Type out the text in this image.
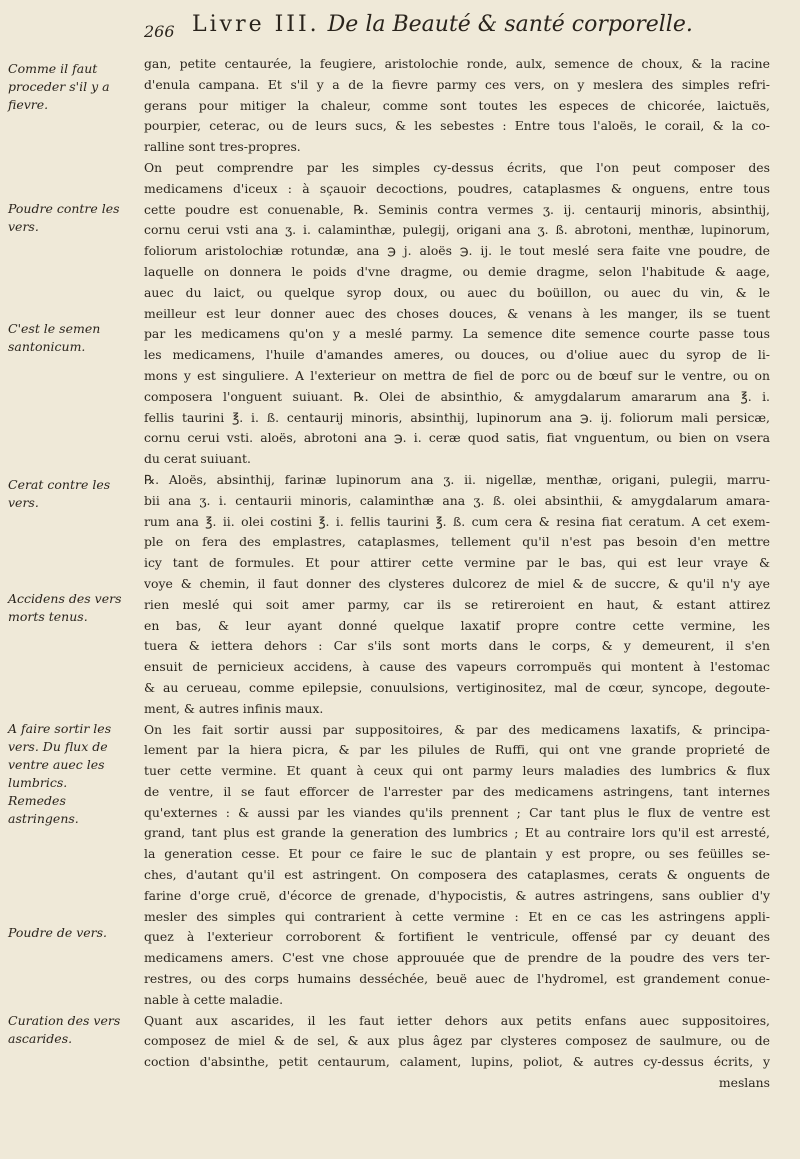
266 Livre III. De la Beauté & santé corporelle.
Comme il faut proceder s'il y a fievre.
Poudre contre les vers.
C'est le semen santonicum.
Cerat contre les vers.
Accidens des vers morts tenus.
A faire sortir les vers. Du flux de ventre auec les lumbrics. Remedes astringens.
Poudre de vers.
Curation des vers ascarides.
gan, petite centaurée, la feugiere, aristolochie ronde, aulx, semence de choux, & la racine
d'enula campana. Et s'il y a de la fievre parmy ces vers, on y meslera des simples refri-
gerans pour mitiger la chaleur, comme sont toutes les especes de chicorée, laictuës,
pourpier, ceterac, ou de leurs sucs, & les sebestes : Entre tous l'aloës, le corail, & la co-
ralline sont tres-propres.
On peut comprendre par les simples cy-dessus écrits, que l'on peut composer des
medicamens d'iceux : à sçauoir decoctions, poudres, cataplasmes & onguens, entre tous
cette poudre est conuenable, ℞. Seminis contra vermes ʒ. ij. centaurij minoris, absinthij,
cornu cerui vsti ana ʒ. i. calaminthæ, pulegij, origani ana ʒ. ß. abrotoni, menthæ, lupinorum,
foliorum aristolochiæ rotundæ, ana ℈ j. aloës ℈. ij. le tout meslé sera faite vne poudre, de
laquelle on donnera le poids d'vne dragme, ou demie dragme, selon l'habitude & aage,
auec du laict, ou quelque syrop doux, ou auec du boüillon, ou auec du vin, & le
meilleur est leur donner auec des choses douces, & venans à les manger, ils se tuent
par les medicamens qu'on y a meslé parmy. La semence dite semence courte passe tous
les medicamens, l'huile d'amandes ameres, ou douces, ou d'oliue auec du syrop de li-
mons y est singuliere. A l'exterieur on mettra de fiel de porc ou de bœuf sur le ventre, ou on
composera l'onguent suiuant. ℞. Olei de absinthio, & amygdalarum amararum ana ℥. i.
fellis taurini ℥. i. ß. centaurij minoris, absinthij, lupinorum ana ℈. ij. foliorum mali persicæ,
cornu cerui vsti. aloës, abrotoni ana ℈. i. ceræ quod satis, fiat vnguentum, ou bien on vsera
du cerat suiuant.
℞. Aloës, absinthij, farinæ lupinorum ana ʒ. ii. nigellæ, menthæ, origani, pulegii, marru-
bii ana ʒ. i. centaurii minoris, calaminthæ ana ʒ. ß. olei absinthii, & amygdalarum amara-
rum ana ℥. ii. olei costini ℥. i. fellis taurini ℥. ß. cum cera & resina fiat ceratum. A cet exem-
ple on fera des emplastres, cataplasmes, tellement qu'il n'est pas besoin d'en mettre
icy tant de formules. Et pour attirer cette vermine par le bas, qui est leur vraye &
voye & chemin, il faut donner des clysteres dulcorez de miel & de succre, & qu'il n'y aye
rien meslé qui soit amer parmy, car ils se retireroient en haut, & estant attirez
en bas, & leur ayant donné quelque laxatif propre contre cette vermine, les
tuera & iettera dehors : Car s'ils sont morts dans le corps, & y demeurent, il s'en
ensuit de pernicieux accidens, à cause des vapeurs corrompuës qui montent à l'estomac
& au cerueau, comme epilepsie, conuulsions, vertiginositez, mal de cœur, syncope, degoute-
ment, & autres infinis maux.
On les fait sortir aussi par suppositoires, & par des medicamens laxatifs, & principa-
lement par la hiera picra, & par les pilules de Ruffi, qui ont vne grande proprieté de
tuer cette vermine. Et quant à ceux qui ont parmy leurs maladies des lumbrics & flux
de ventre, il se faut efforcer de l'arrester par des medicamens astringens, tant internes
qu'externes : & aussi par les viandes qu'ils prennent ; Car tant plus le flux de ventre est
grand, tant plus est grande la generation des lumbrics ; Et au contraire lors qu'il est arresté,
la generation cesse. Et pour ce faire le suc de plantain y est propre, ou ses feüilles se-
ches, d'autant qu'il est astringent. On composera des cataplasmes, cerats & onguents de
farine d'orge cruë, d'écorce de grenade, d'hypocistis, & autres astringens, sans oublier d'y
mesler des simples qui contrarient à cette vermine : Et en ce cas les astringens appli-
quez à l'exterieur corroborent & fortifient le ventricule, offensé par cy deuant des
medicamens amers. C'est vne chose approuuée que de prendre de la poudre des vers ter-
restres, ou des corps humains desséchée, beuë auec de l'hydromel, est grandement conue-
nable à cette maladie.
Quant aux ascarides, il les faut ietter dehors aux petits enfans auec suppositoires,
composez de miel & de sel, & aux plus âgez par clysteres composez de saulmure, ou de
coction d'absinthe, petit centaurum, calament, lupins, poliot, & autres cy-dessus écrits, y
meslans
